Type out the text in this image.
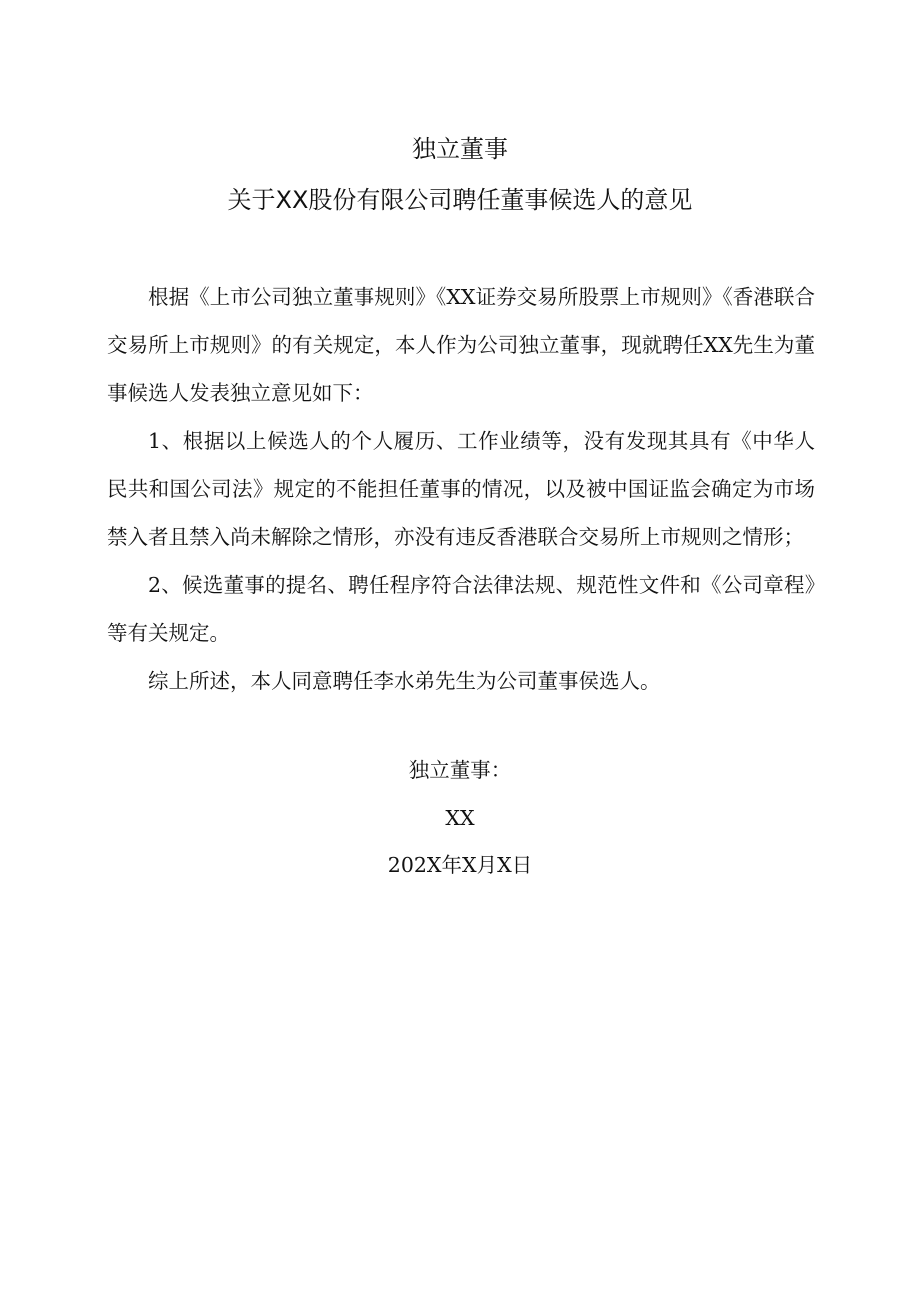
独立董事
关于XX股份有限公司聘任董事候选人的意见

根据《上市公司独立董事规则》《XX证券交易所股票上市规则》《香港联合交易所上市规则》的有关规定，本人作为公司独立董事，现就聘任XX先生为董事候选人发表独立意见如下：

1、根据以上候选人的个人履历、工作业绩等，没有发现其具有《中华人民共和国公司法》规定的不能担任董事的情况，以及被中国证监会确定为市场禁入者且禁入尚未解除之情形，亦没有违反香港联合交易所上市规则之情形；

2、候选董事的提名、聘任程序符合法律法规、规范性文件和《公司章程》等有关规定。

综上所述，本人同意聘任李水弟先生为公司董事侯选人。

独立董事：
XX
202X年X月X日
